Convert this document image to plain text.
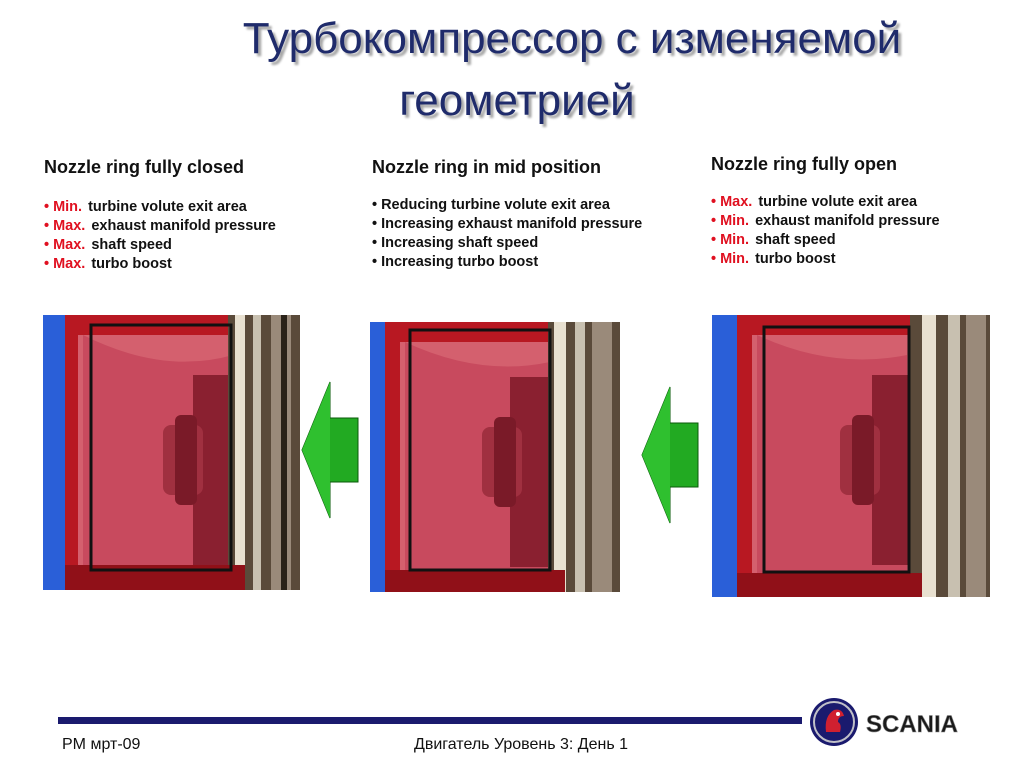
Турбокомпрессор с изменяемой
геометрией
Nozzle ring fully closed
• Min. turbine volute exit area
• Max. exhaust manifold pressure
• Max. shaft speed
• Max. turbo boost
Nozzle ring in mid position
• Reducing turbine volute exit area
• Increasing exhaust manifold pressure
• Increasing shaft speed
• Increasing turbo boost
Nozzle ring fully open
• Max. turbine volute exit area
• Min. exhaust manifold pressure
• Min. shaft speed
• Min. turbo boost
PM мрт-09	Двигатель Уровень 3: День 1
SCANIA
